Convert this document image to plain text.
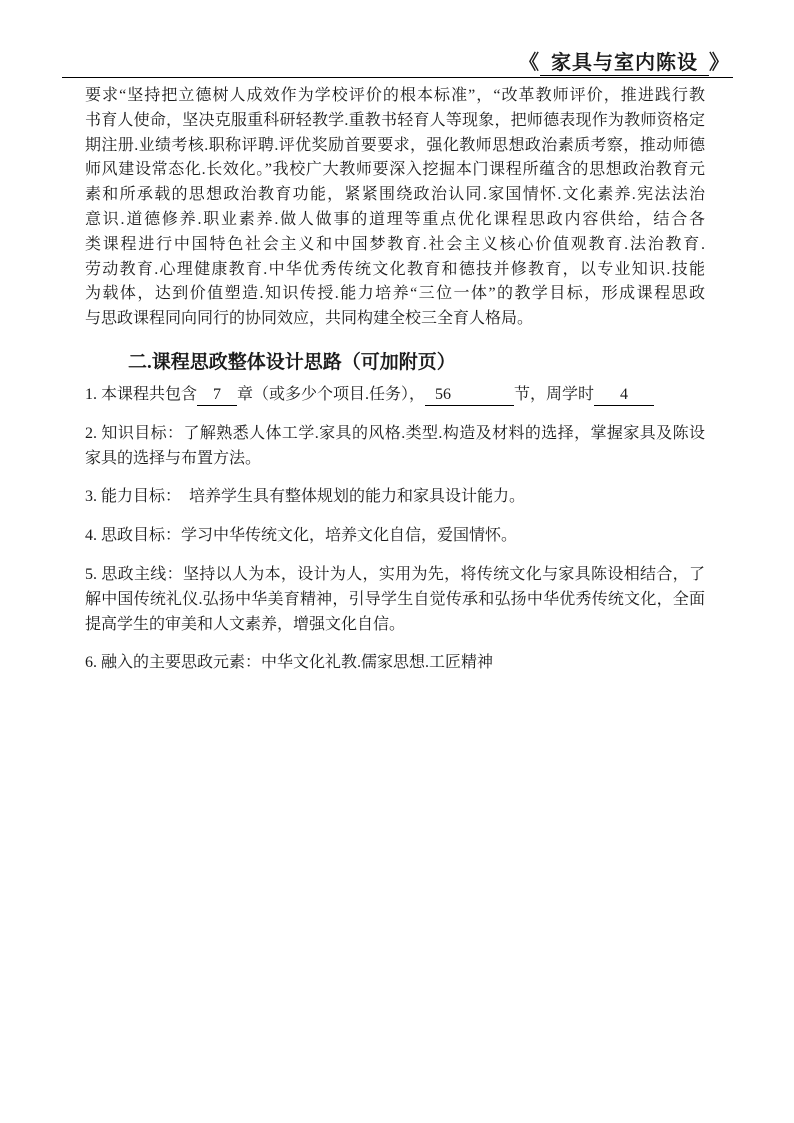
《 家具与室内陈设 》
要求“坚持把立德树人成效作为学校评价的根本标准”，“改革教师评价，推进践行教
书育人使命，坚决克服重科研轻教学.重教书轻育人等现象，把师德表现作为教师资格定
期注册.业绩考核.职称评聘.评优奖励首要要求，强化教师思想政治素质考察，推动师德
师风建设常态化.长效化。”我校广大教师要深入挖掘本门课程所蕴含的思想政治教育元
素和所承载的思想政治教育功能，紧紧围绕政治认同.家国情怀.文化素养.宪法法治
意识.道德修养.职业素养.做人做事的道理等重点优化课程思政内容供给，结合各
类课程进行中国特色社会主义和中国梦教育.社会主义核心价值观教育.法治教育.
劳动教育.心理健康教育.中华优秀传统文化教育和德技并修教育，以专业知识.技能
为载体，达到价值塑造.知识传授.能力培养“三位一体”的教学目标，形成课程思政
与思政课程同向同行的协同效应，共同构建全校三全育人格局。
二.课程思政整体设计思路（可加附页）
1. 本课程共包含 7 章（或多少个项目.任务）， 56	节，周学时 4
2. 知识目标：了解熟悉人体工学.家具的风格.类型.构造及材料的选择，掌握家具及陈设
家具的选择与布置方法。
3. 能力目标：　培养学生具有整体规划的能力和家具设计能力。
4. 思政目标：学习中华传统文化，培养文化自信，爱国情怀。
5. 思政主线：坚持以人为本，设计为人，实用为先，将传统文化与家具陈设相结合，了
解中国传统礼仪.弘扬中华美育精神，引导学生自觉传承和弘扬中华优秀传统文化，全面
提高学生的审美和人文素养，增强文化自信。
6. 融入的主要思政元素：中华文化礼教.儒家思想.工匠精神
